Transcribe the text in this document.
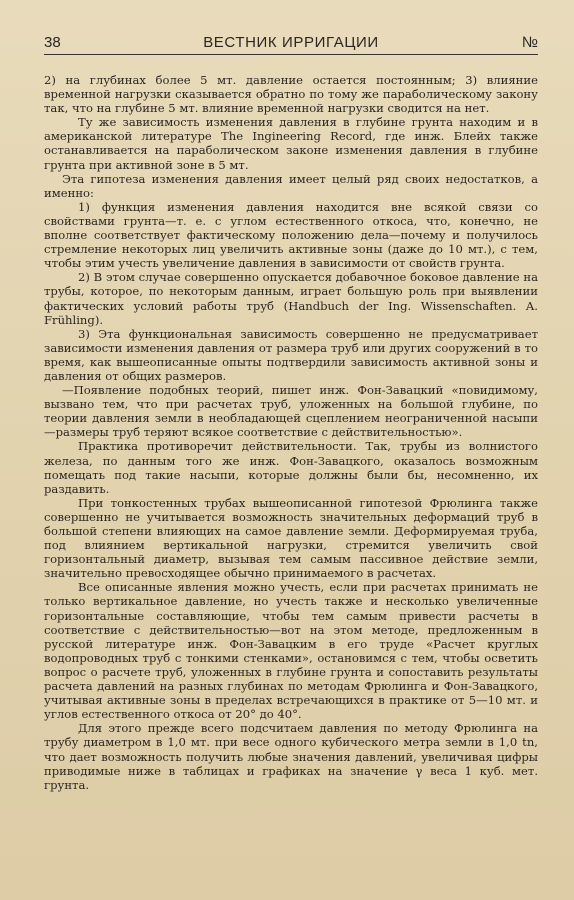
38	ВЕСТНИК ИРРИГАЦИИ	№

2) на глубинах более 5 мт. давление остается постоянным; 3) влияние временной нагрузки сказывается обратно по тому же параболическому закону так, что на глубине 5 мт. влияние временной нагрузки сводится на нет.

Ту же зависимость изменения давления в глубине грунта находим и в американской литературе The Ingineering Record, где инж. Блейх также останавливается на параболическом законе изменения давления в глубине грунта при активной зоне в 5 мт.

Эта гипотеза изменения давления имеет целый ряд своих недостатков, а именно:

1) функция изменения давления находится вне всякой связи со свойствами грунта—т. е. с углом естественного откоса, что, конечно, не вполне соответствует фактическому положению дела—почему и получилось стремление некоторых лиц увеличить активные зоны (даже до 10 мт.), с тем, чтобы этим учесть увеличение давления в зависимости от свойств грунта.

2) В этом случае совершенно опускается добавочное боковое давление на трубы, которое, по некоторым данным, играет большую роль при выявлении фактических условий работы труб (Handbuch der Ing. Wissenschaften. A. Frühling).

3) Эта функциональная зависимость совершенно не предусматривает зависимости изменения давления от размера труб или других сооружений в то время, как вышеописанные опыты подтвердили зависимость активной зоны и давления от общих размеров.

—Появление подобных теорий, пишет инж. Фон-Завацкий «повидимому, вызвано тем, что при расчетах труб, уложенных на большой глубине, по теории давления земли в необладающей сцеплением неограниченной насыпи—размеры труб теряют всякое соответствие с действительностью».

Практика противоречит действительности. Так, трубы из волнистого железа, по данным того же инж. Фон-Завацкого, оказалось возможным помещать под такие насыпи, которые должны были бы, несомненно, их раздавить.

При тонкостенных трубах вышеописанной гипотезой Фрюлинга также совершенно не учитывается возможность значительных деформаций труб в большой степени влияющих на самое давление земли. Деформируемая труба, под влиянием вертикальной нагрузки, стремится увеличить свой горизонтальный диаметр, вызывая тем самым пассивное действие земли, значительно превосходящее обычно принимаемого в расчетах.

Все описанные явления можно учесть, если при расчетах принимать не только вертикальное давление, но учесть также и несколько увеличенные горизонтальные составляющие, чтобы тем самым привести расчеты в соответствие с действительностью—вот на этом методе, предложенным в русской литературе инж. Фон-Завацким в его труде «Расчет круглых водопроводных труб с тонкими стенками», остановимся с тем, чтобы осветить вопрос о расчете труб, уложенных в глубине грунта и сопоставить результаты расчета давлений на разных глубинах по методам Фрюлинга и Фон-Завацкого, учитывая активные зоны в пределах встречающихся в практике от 5—10 мт. и углов естественного откоса от 20° до 40°.

Для этого прежде всего подсчитаем давления по методу Фрюлинга на трубу диаметром в 1,0 мт. при весе одного кубического метра земли в 1,0 tn, что дает возможность получить любые значения давлений, увеличивая цифры приводимые ниже в таблицах и графиках на значение γ веса 1 куб. мет. грунта.
